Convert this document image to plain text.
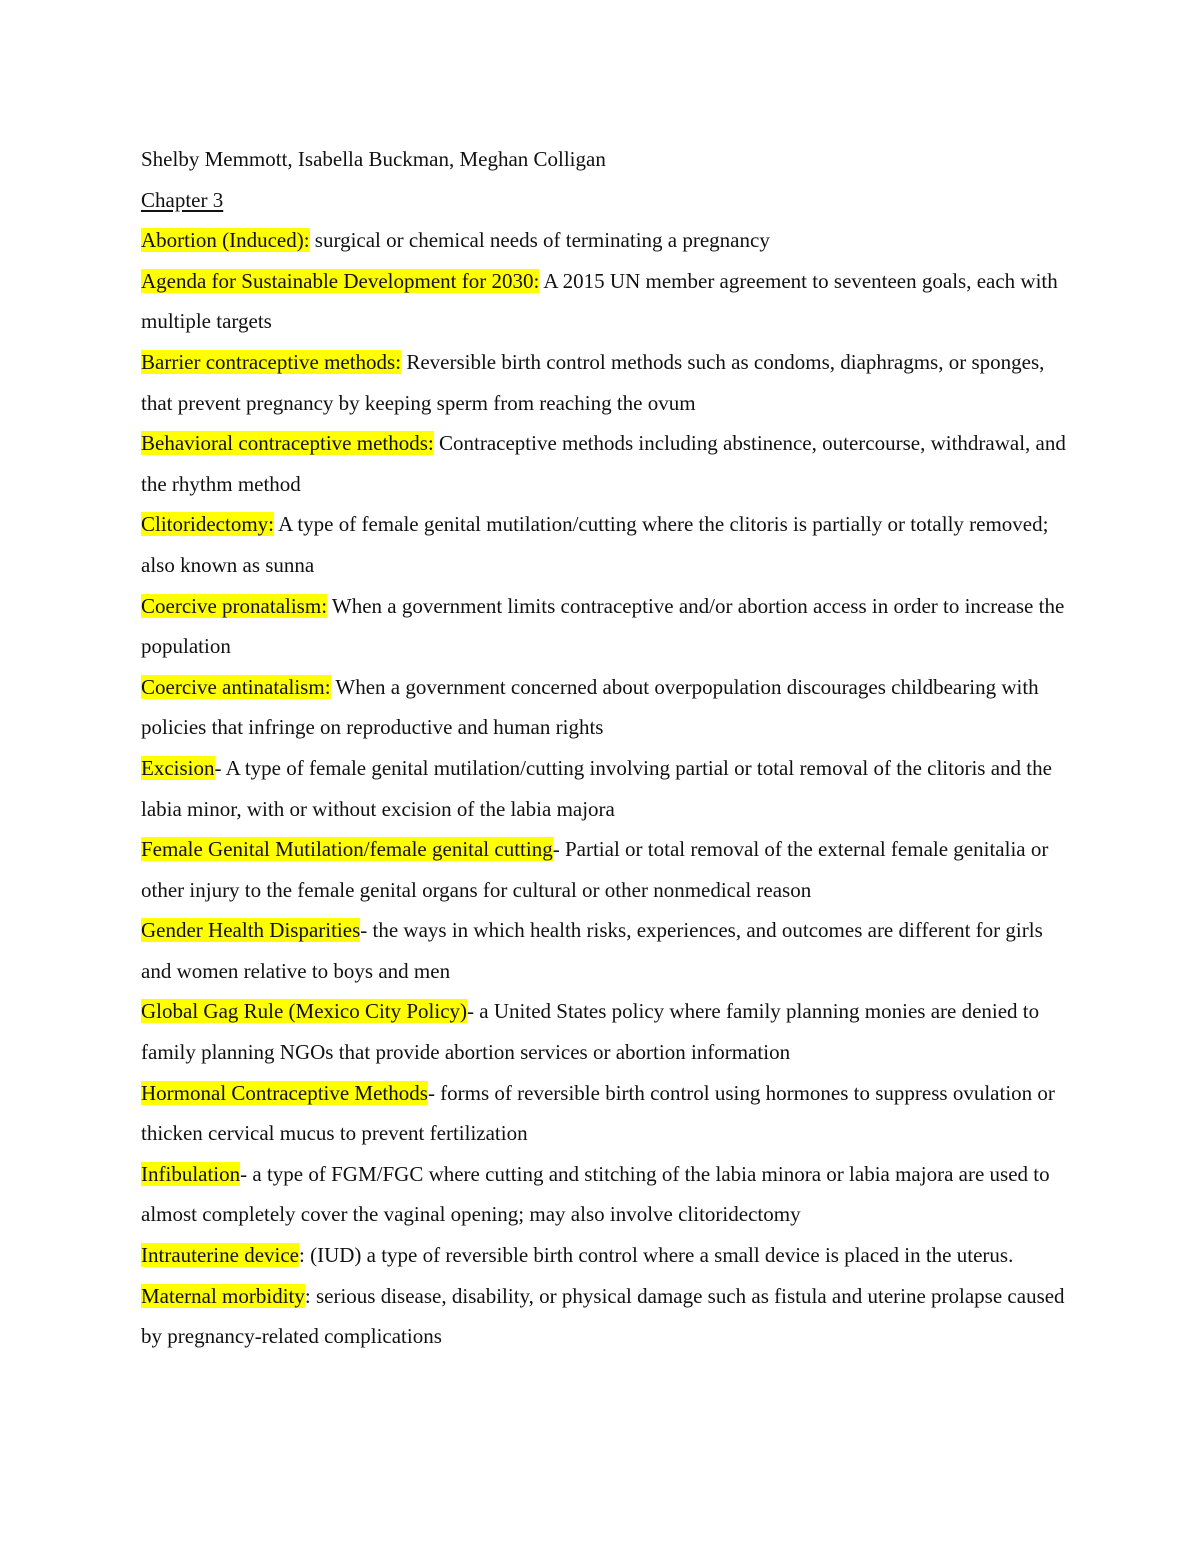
Shelby Memmott, Isabella Buckman, Meghan Colligan

Chapter 3

Abortion (Induced): surgical or chemical needs of terminating a pregnancy

Agenda for Sustainable Development for 2030: A 2015 UN member agreement to seventeen goals, each with multiple targets

Barrier contraceptive methods: Reversible birth control methods such as condoms, diaphragms, or sponges, that prevent pregnancy by keeping sperm from reaching the ovum

Behavioral contraceptive methods: Contraceptive methods including abstinence, outercourse, withdrawal, and the rhythm method

Clitoridectomy: A type of female genital mutilation/cutting where the clitoris is partially or totally removed; also known as sunna

Coercive pronatalism: When a government limits contraceptive and/or abortion access in order to increase the population

Coercive antinatalism: When a government concerned about overpopulation discourages childbearing with policies that infringe on reproductive and human rights

Excision- A type of female genital mutilation/cutting involving partial or total removal of the clitoris and the labia minor, with or without excision of the labia majora

Female Genital Mutilation/female genital cutting- Partial or total removal of the external female genitalia or other injury to the female genital organs for cultural or other nonmedical reason

Gender Health Disparities- the ways in which health risks, experiences, and outcomes are different for girls and women relative to boys and men

Global Gag Rule (Mexico City Policy)- a United States policy where family planning monies are denied to family planning NGOs that provide abortion services or abortion information

Hormonal Contraceptive Methods- forms of reversible birth control using hormones to suppress ovulation or thicken cervical mucus to prevent fertilization

Infibulation- a type of FGM/FGC where cutting and stitching of the labia minora or labia majora are used to almost completely cover the vaginal opening; may also involve clitoridectomy

Intrauterine device: (IUD) a type of reversible birth control where a small device is placed in the uterus.

Maternal morbidity: serious disease, disability, or physical damage such as fistula and uterine prolapse caused by pregnancy-related complications
